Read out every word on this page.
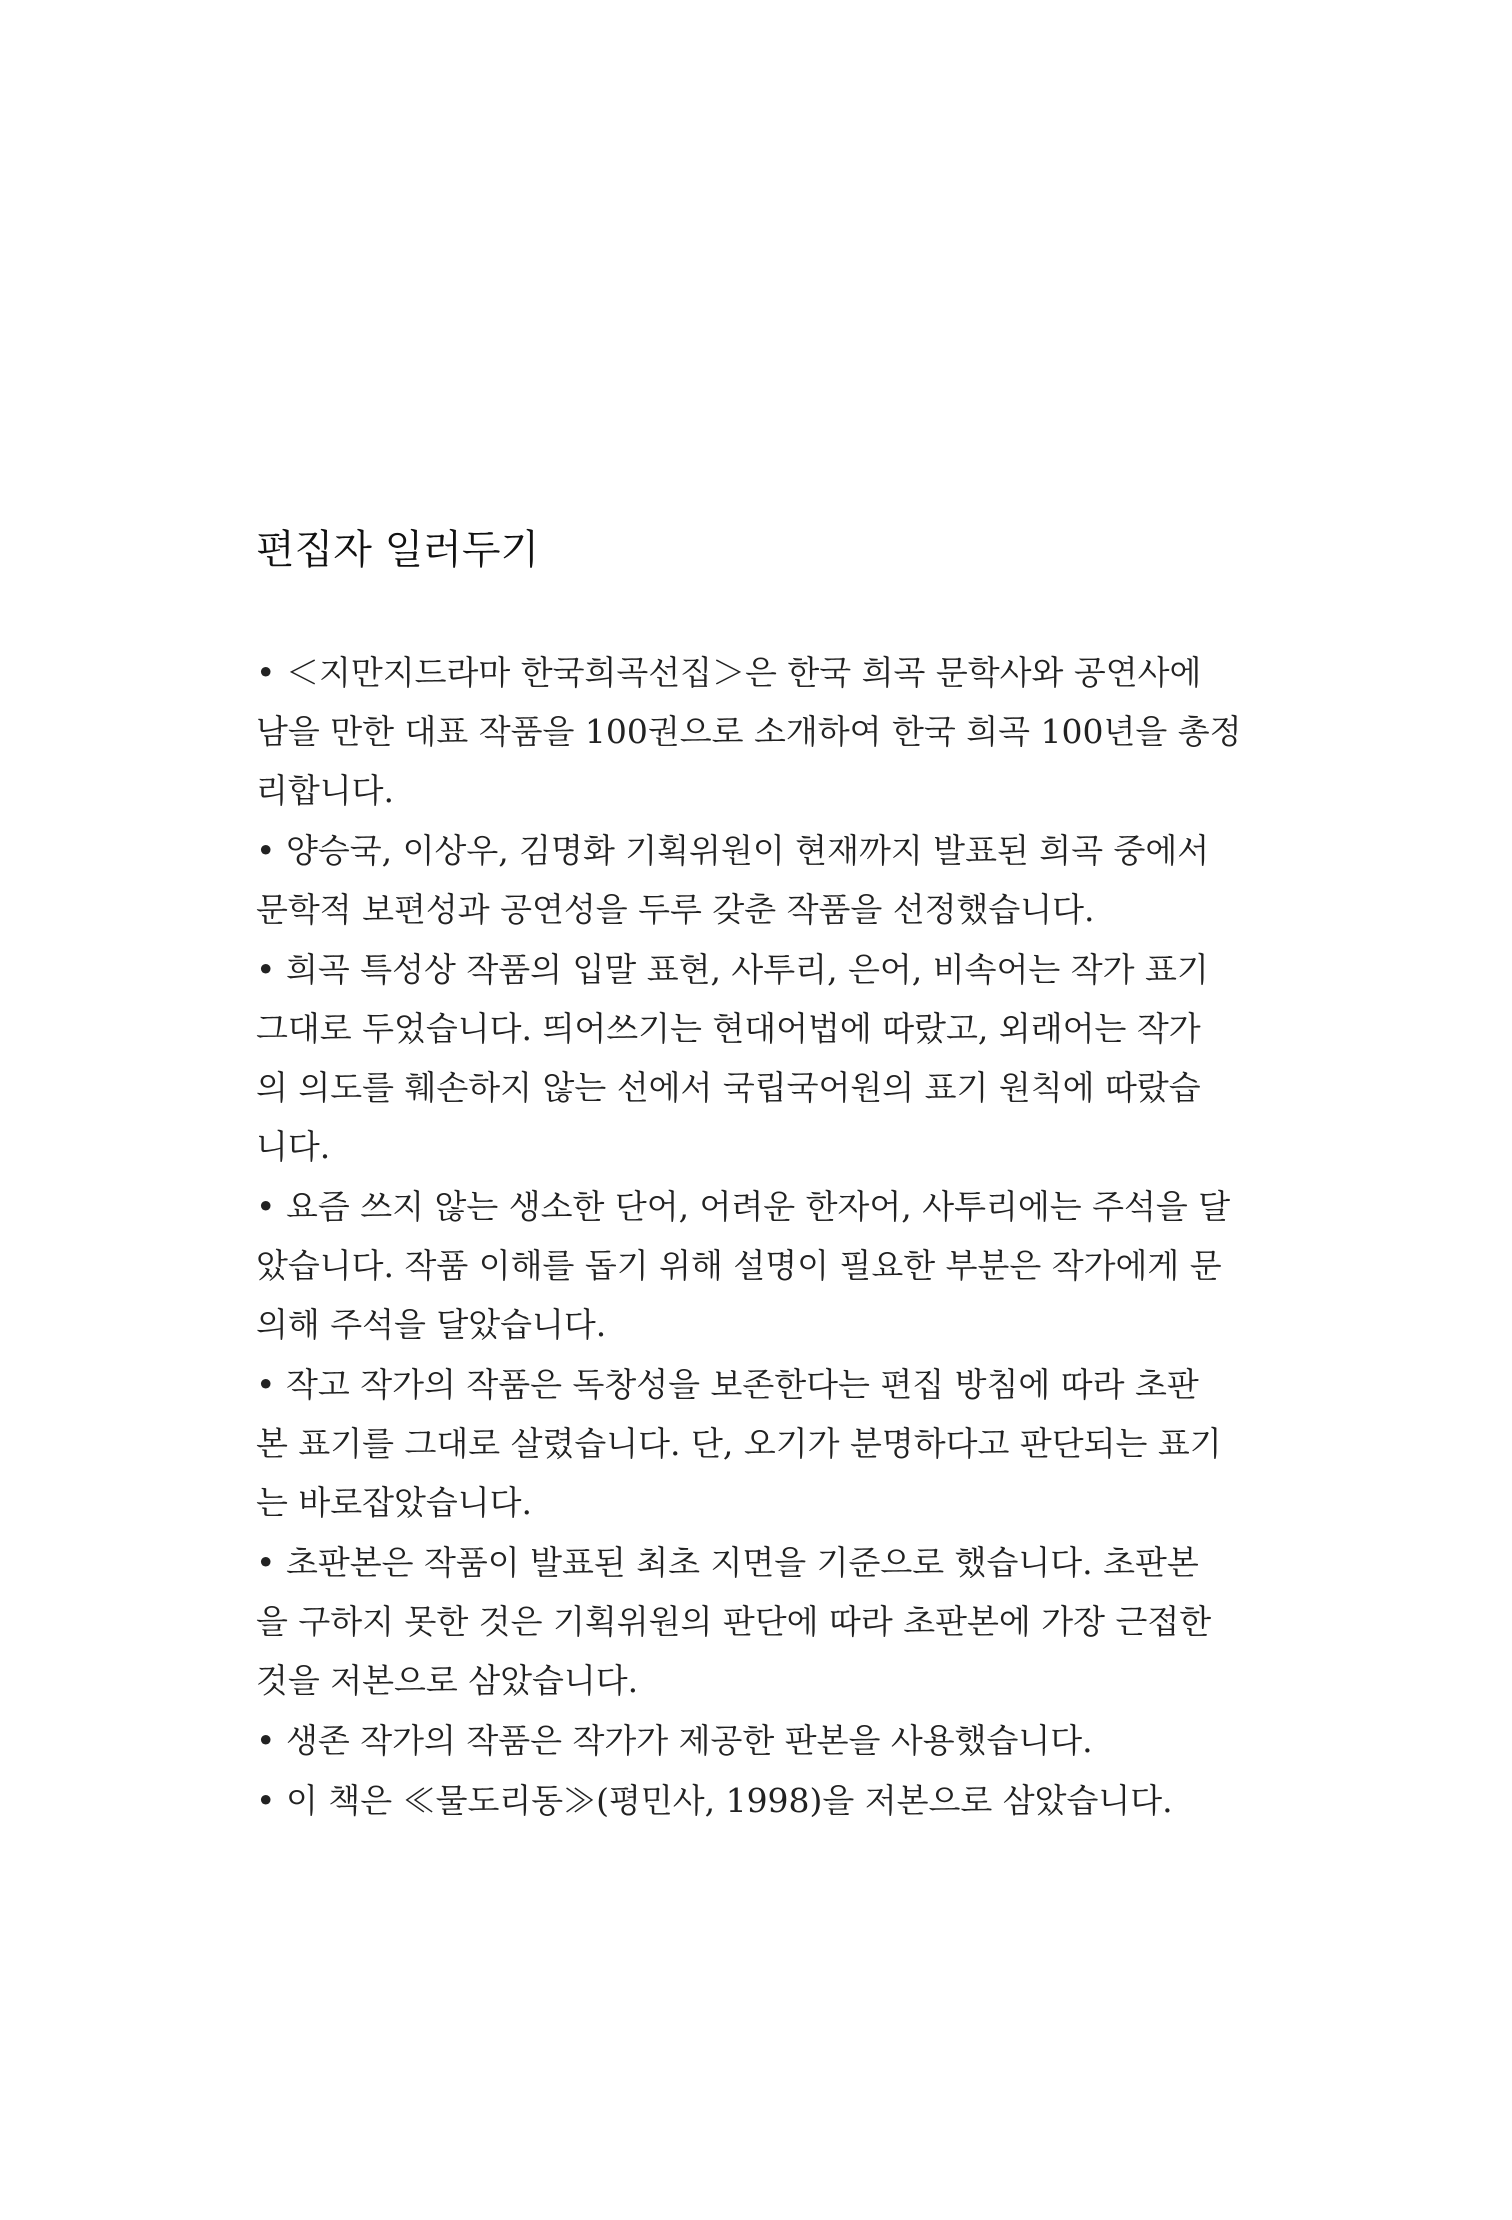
편집자 일러두기
• ＜지만지드라마 한국희곡선집＞은 한국 희곡 문학사와 공연사에
남을 만한 대표 작품을 100권으로 소개하여 한국 희곡 100년을 총정
리합니다.
• 양승국, 이상우, 김명화 기획위원이 현재까지 발표된 희곡 중에서
문학적 보편성과 공연성을 두루 갖춘 작품을 선정했습니다.
• 희곡 특성상 작품의 입말 표현, 사투리, 은어, 비속어는 작가 표기
그대로 두었습니다. 띄어쓰기는 현대어법에 따랐고, 외래어는 작가
의 의도를 훼손하지 않는 선에서 국립국어원의 표기 원칙에 따랐습
니다.
• 요즘 쓰지 않는 생소한 단어, 어려운 한자어, 사투리에는 주석을 달
았습니다. 작품 이해를 돕기 위해 설명이 필요한 부분은 작가에게 문
의해 주석을 달았습니다.
• 작고 작가의 작품은 독창성을 보존한다는 편집 방침에 따라 초판
본 표기를 그대로 살렸습니다. 단, 오기가 분명하다고 판단되는 표기
는 바로잡았습니다.
• 초판본은 작품이 발표된 최초 지면을 기준으로 했습니다. 초판본
을 구하지 못한 것은 기획위원의 판단에 따라 초판본에 가장 근접한
것을 저본으로 삼았습니다.
• 생존 작가의 작품은 작가가 제공한 판본을 사용했습니다.
• 이 책은 ≪물도리동≫(평민사, 1998)을 저본으로 삼았습니다.
